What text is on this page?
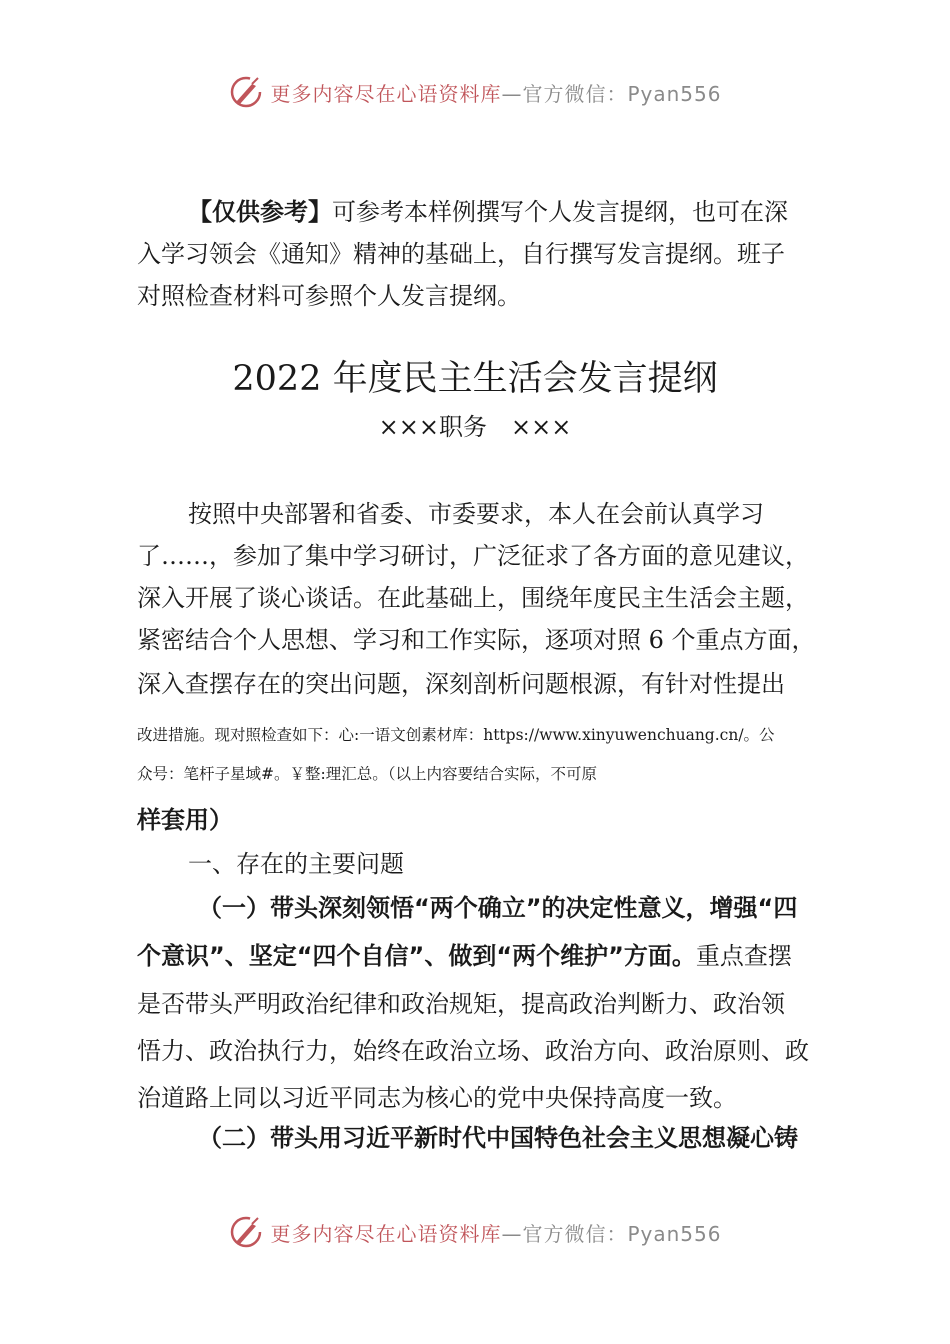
更多内容尽在心语资料库 —官方微信：Pyan556
【仅供参考】可参考本样例撰写个人发言提纲，也可在深
入学习领会《通知》精神的基础上，自行撰写发言提纲。班子
对照检查材料可参照个人发言提纲。
2022 年度民主生活会发言提纲
×××职务　×××
按照中央部署和省委、市委要求，本人在会前认真学习
了……，参加了集中学习研讨，广泛征求了各方面的意见建议，
深入开展了谈心谈话。在此基础上，围绕年度民主生活会主题，
紧密结合个人思想、学习和工作实际，逐项对照 6 个重点方面，
深入查摆存在的突出问题，深刻剖析问题根源，有针对性提出
改进措施。现对照检查如下：心:一语文创素材库：https://www.xinyuwenchuang.cn/。公
众号：笔杆子星域#。￥整:理汇总。（以上内容要结合实际，不可原
样套用）
一、存在的主要问题
（一）带头深刻领悟“两个确立”的决定性意义，增强“四
个意识”、坚定“四个自信”、做到“两个维护”方面。重点查摆
是否带头严明政治纪律和政治规矩，提高政治判断力、政治领
悟力、政治执行力，始终在政治立场、政治方向、政治原则、政
治道路上同以习近平同志为核心的党中央保持高度一致。
（二）带头用习近平新时代中国特色社会主义思想凝心铸
更多内容尽在心语资料库 —官方微信：Pyan556
